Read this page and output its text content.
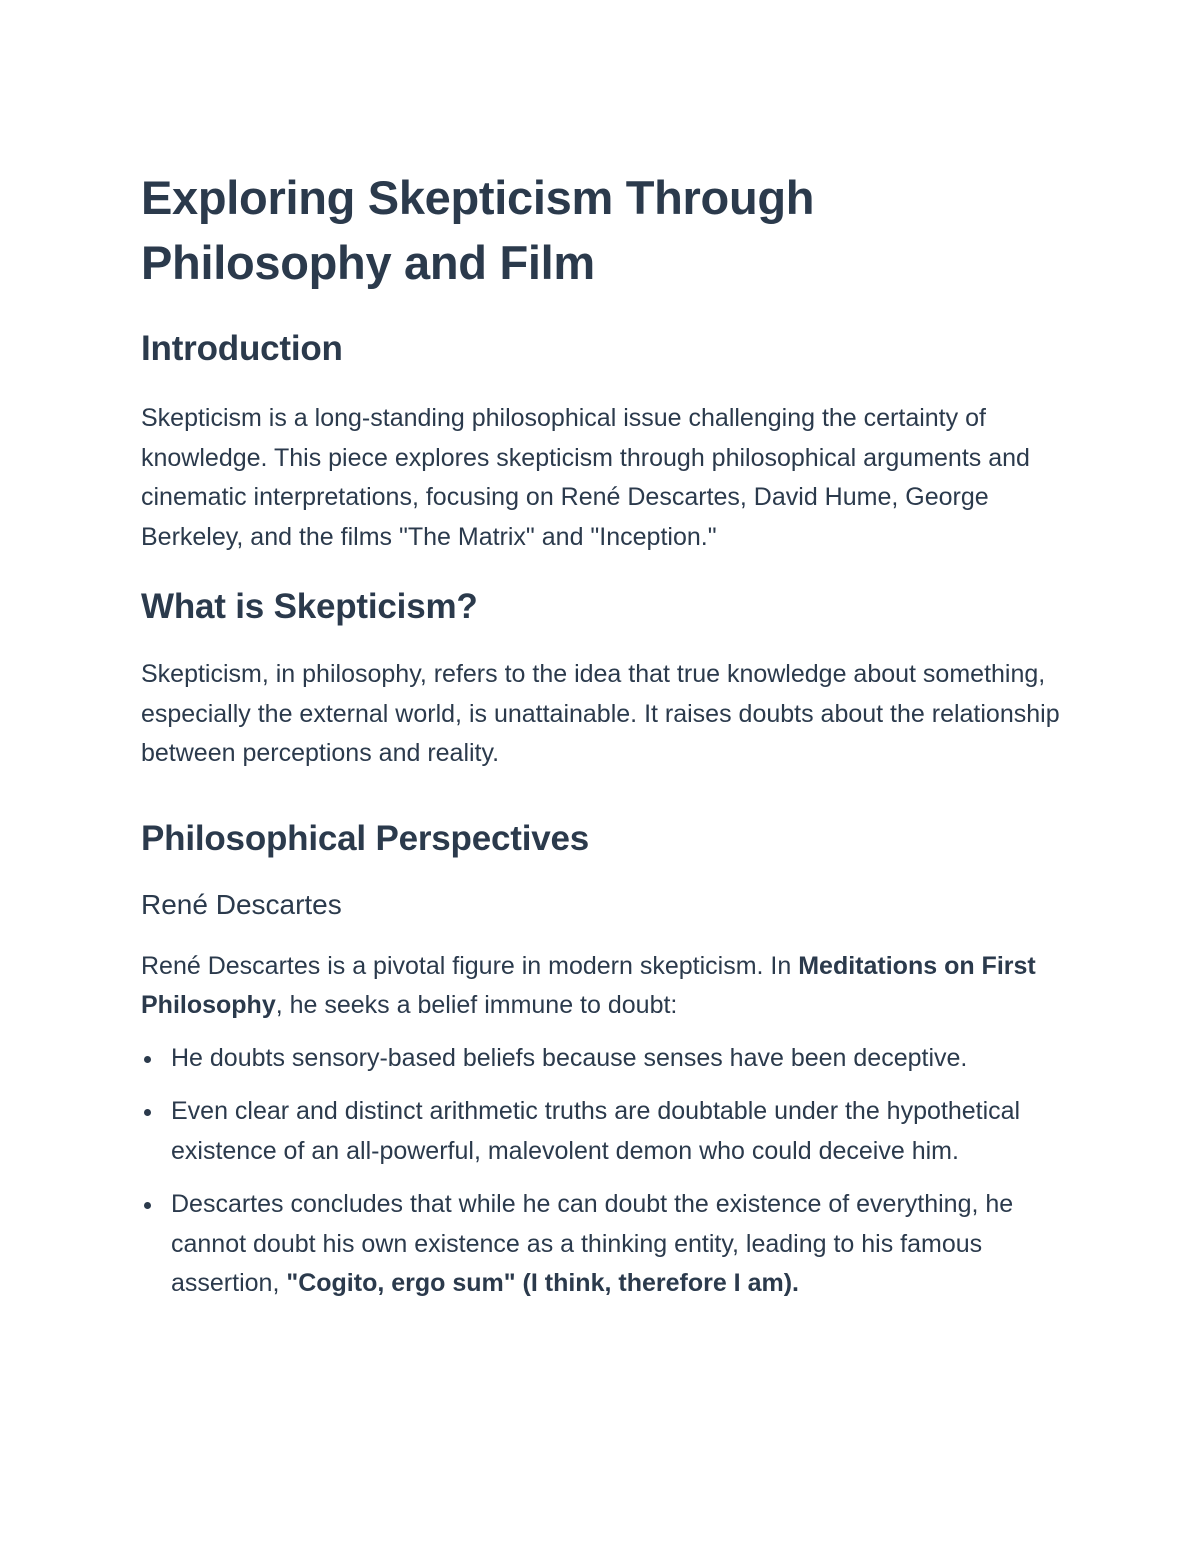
Exploring Skepticism Through Philosophy and Film
Introduction

Skepticism is a long-standing philosophical issue challenging the certainty of knowledge. This piece explores skepticism through philosophical arguments and cinematic interpretations, focusing on René Descartes, David Hume, George Berkeley, and the films "The Matrix" and "Inception."

What is Skepticism?

Skepticism, in philosophy, refers to the idea that true knowledge about something, especially the external world, is unattainable. It raises doubts about the relationship between perceptions and reality.

Philosophical Perspectives
René Descartes

René Descartes is a pivotal figure in modern skepticism. In Meditations on First Philosophy, he seeks a belief immune to doubt:

He doubts sensory-based beliefs because senses have been deceptive.
Even clear and distinct arithmetic truths are doubtable under the hypothetical existence of an all-powerful, malevolent demon who could deceive him.
Descartes concludes that while he can doubt the existence of everything, he cannot doubt his own existence as a thinking entity, leading to his famous assertion, "Cogito, ergo sum" (I think, therefore I am).
